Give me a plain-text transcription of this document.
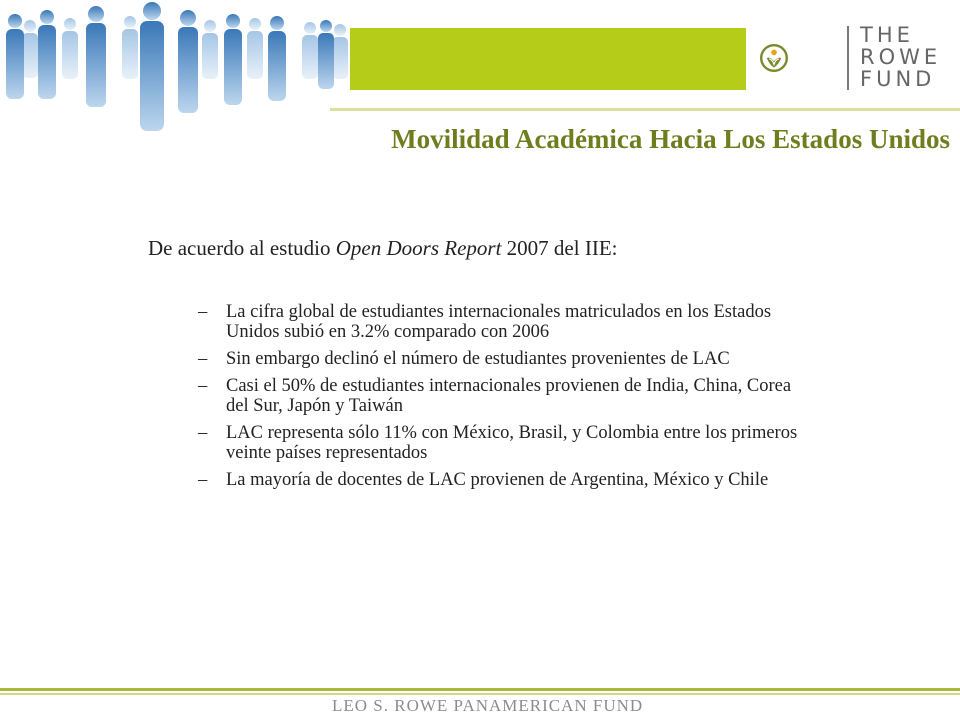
THE
ROWE
FUND
Movilidad Académica Hacia Los Estados Unidos
De acuerdo al estudio Open Doors Report 2007 del IIE:
–	La cifra global de estudiantes internacionales matriculados en los Estados Unidos subió en 3.2% comparado con 2006
–	Sin embargo declinó el número de estudiantes provenientes de LAC
–	Casi el 50% de estudiantes internacionales provienen de India, China, Corea del Sur, Japón y Taiwán
–	LAC representa sólo 11% con México, Brasil, y Colombia entre los primeros veinte países representados
–	La mayoría de docentes de LAC provienen de Argentina, México y Chile
LEO S. ROWE PANAMERICAN FUND
